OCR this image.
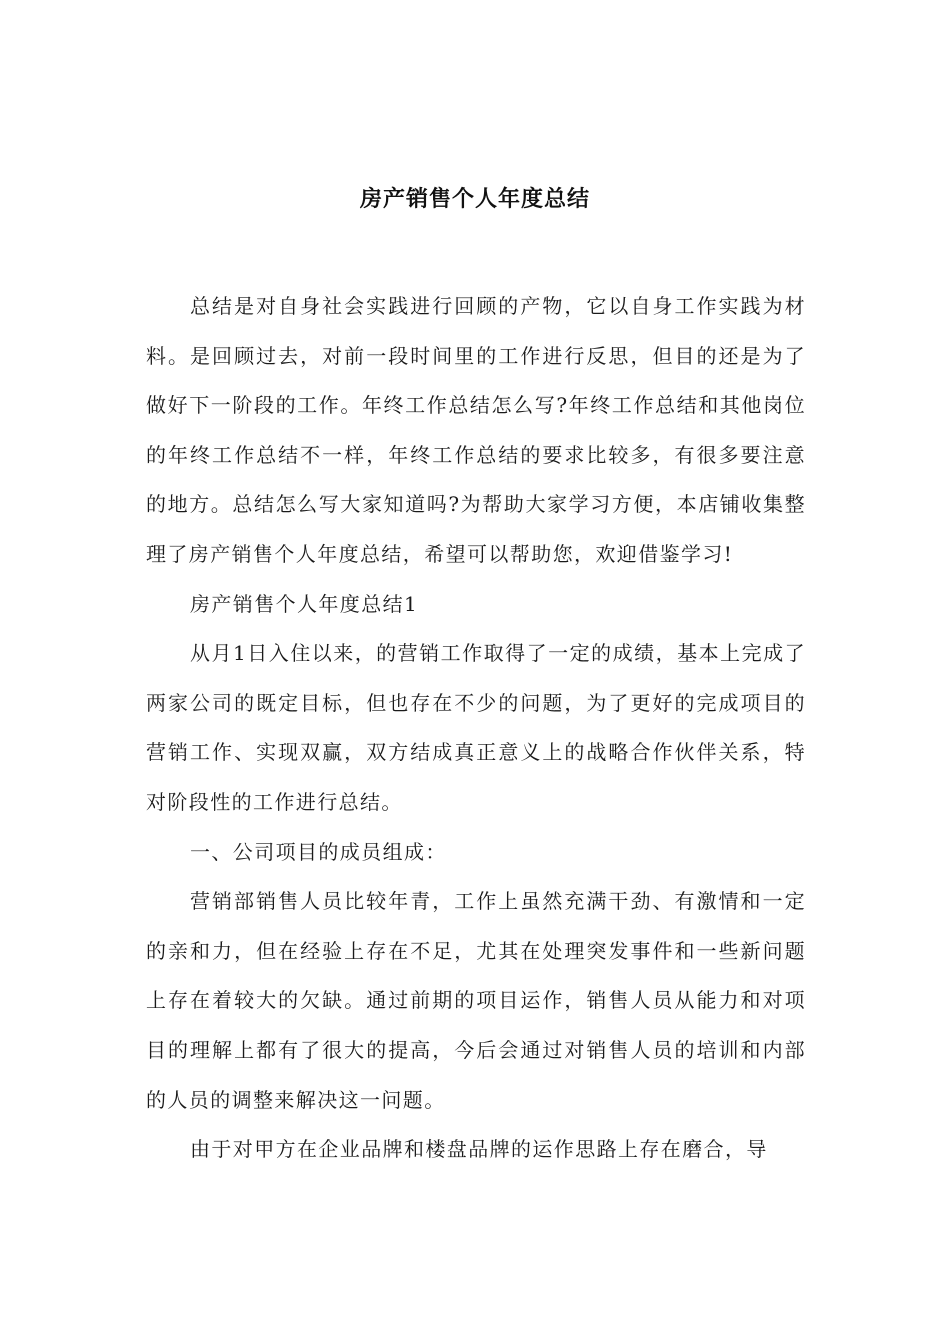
房产销售个人年度总结

总结是对自身社会实践进行回顾的产物，它以自身工作实践为材料。是回顾过去，对前一段时间里的工作进行反思，但目的还是为了做好下一阶段的工作。年终工作总结怎么写?年终工作总结和其他岗位的年终工作总结不一样，年终工作总结的要求比较多，有很多要注意的地方。总结怎么写大家知道吗?为帮助大家学习方便，本店铺收集整理了房产销售个人年度总结，希望可以帮助您，欢迎借鉴学习!

房产销售个人年度总结1

从月1日入住以来，的营销工作取得了一定的成绩，基本上完成了两家公司的既定目标，但也存在不少的问题，为了更好的完成项目的营销工作、实现双赢，双方结成真正意义上的战略合作伙伴关系，特对阶段性的工作进行总结。

一、公司项目的成员组成：

营销部销售人员比较年青，工作上虽然充满干劲、有激情和一定的亲和力，但在经验上存在不足，尤其在处理突发事件和一些新问题上存在着较大的欠缺。通过前期的项目运作，销售人员从能力和对项目的理解上都有了很大的提高，今后会通过对销售人员的培训和内部的人员的调整来解决这一问题。

由于对甲方在企业品牌和楼盘品牌的运作思路上存在磨合，导
